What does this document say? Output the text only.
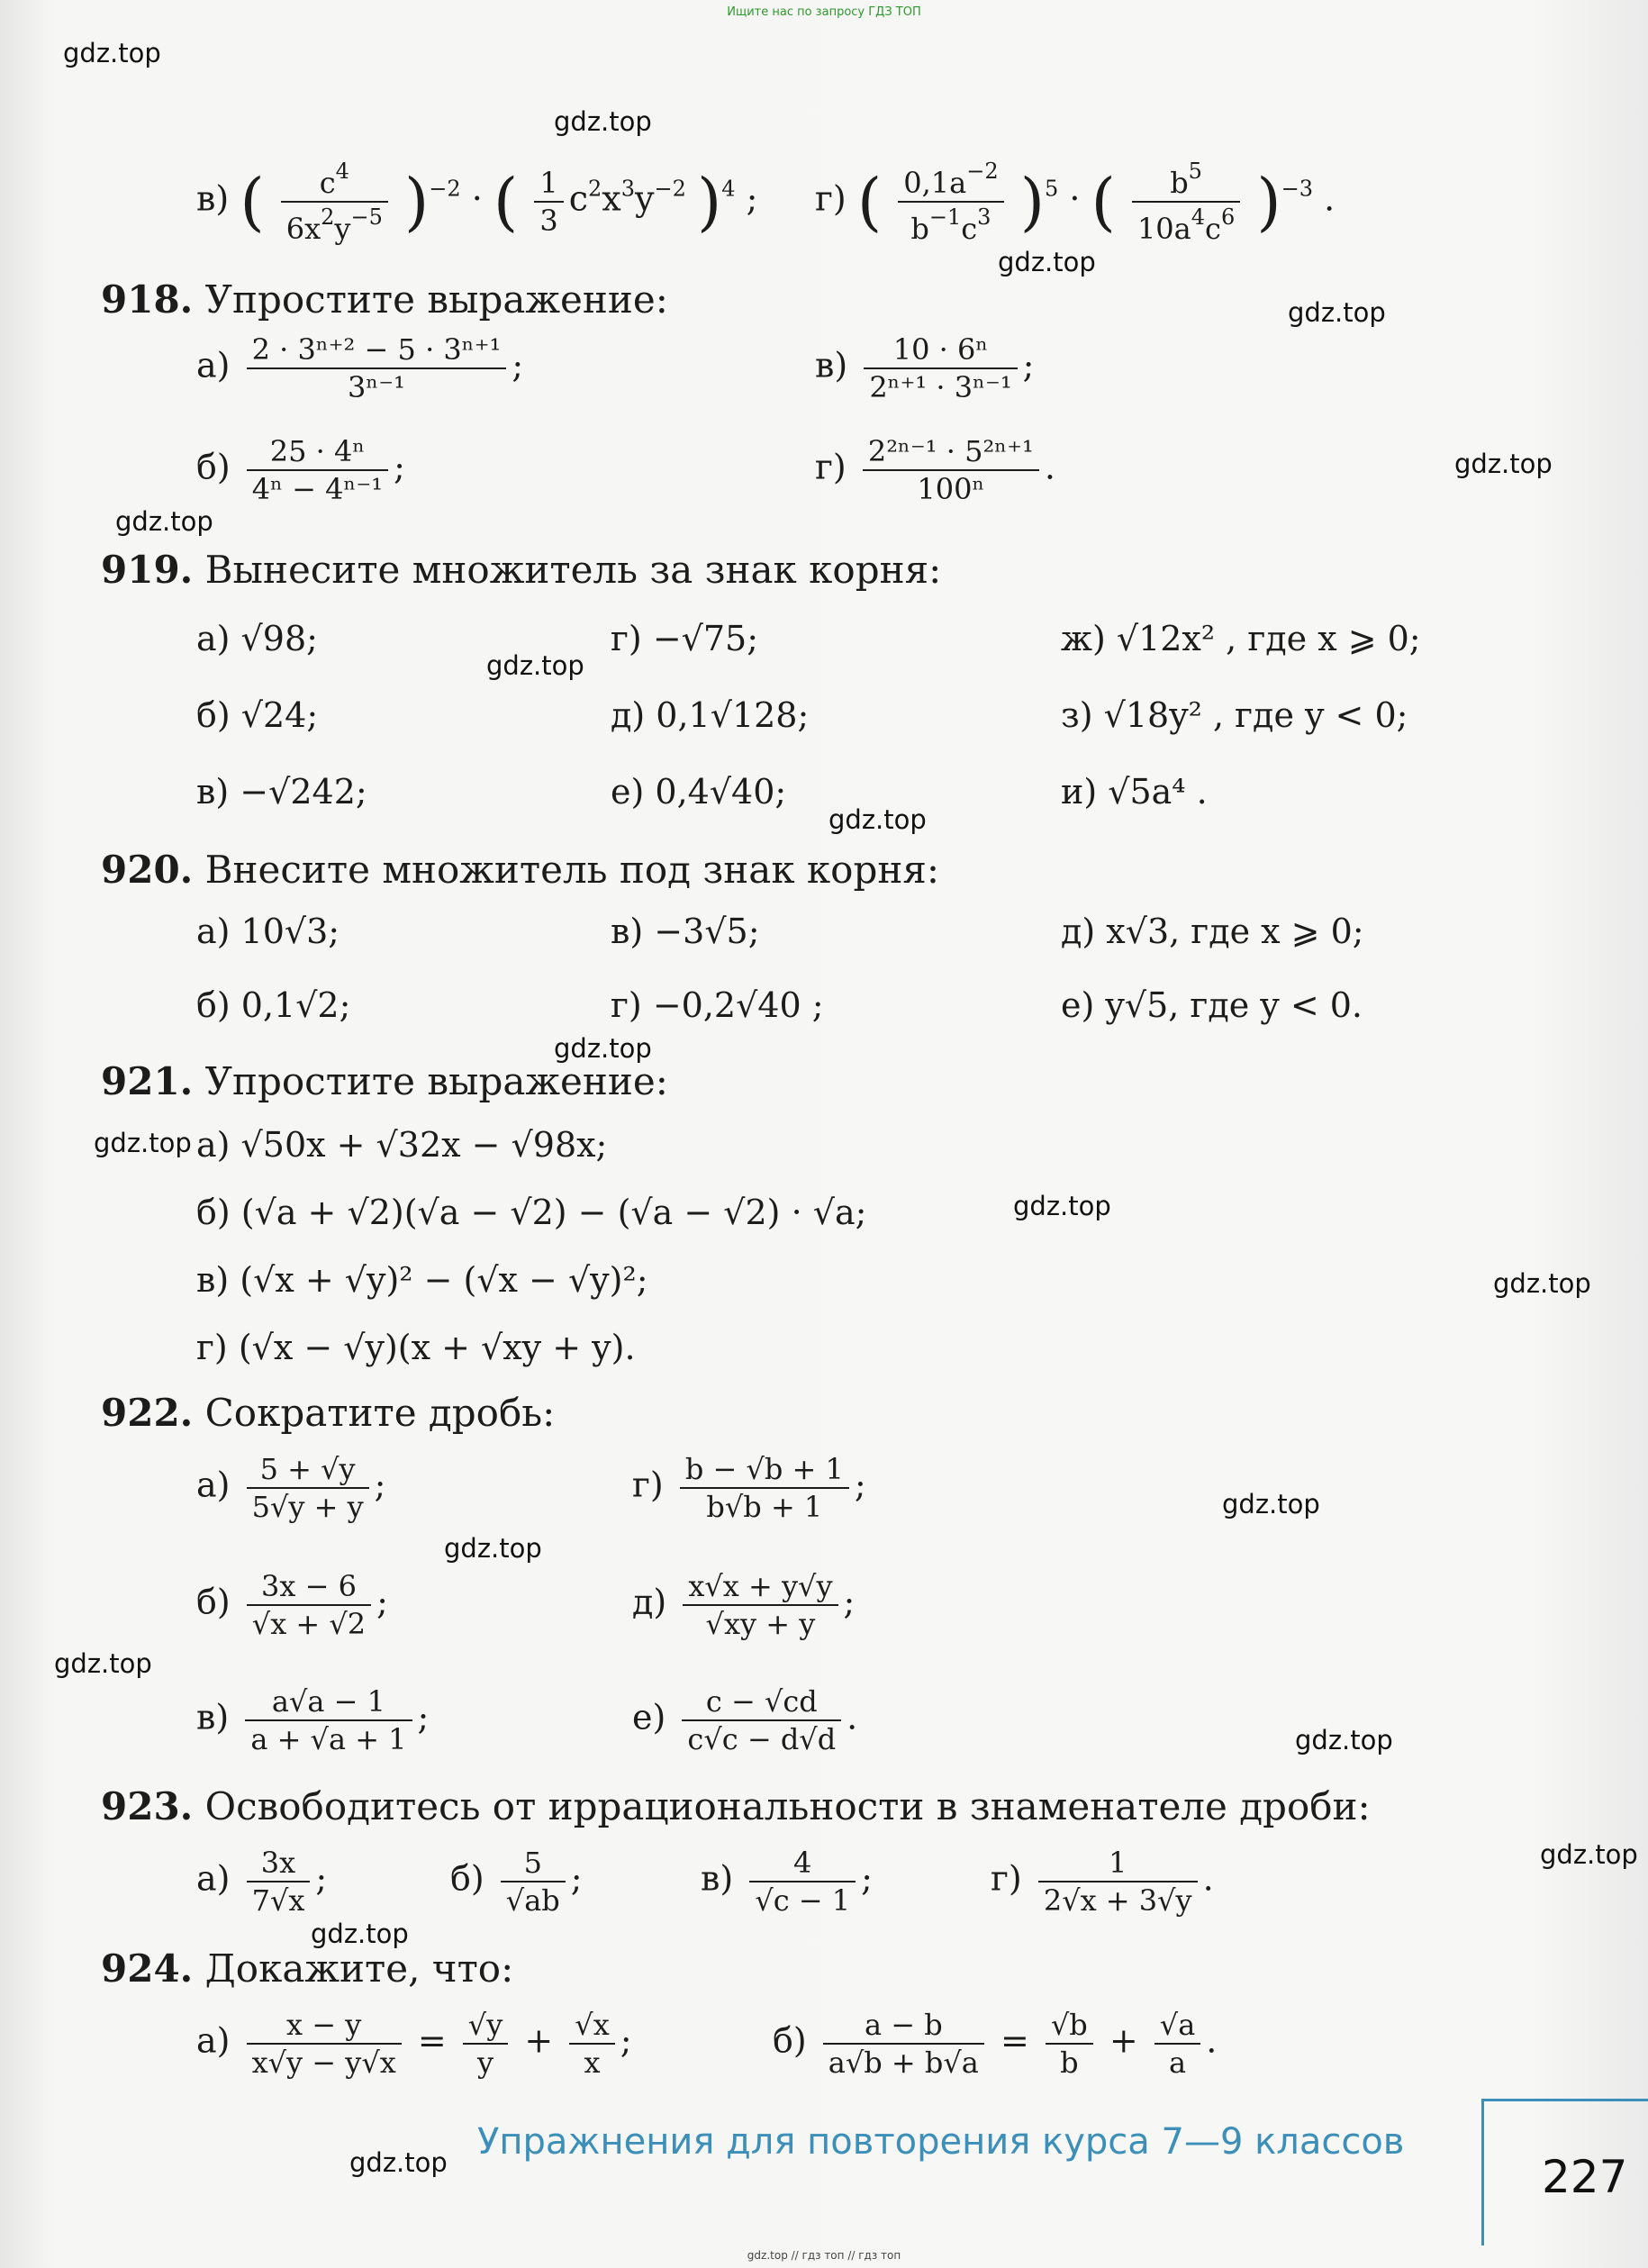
Ищите нас по запросу ГДЗ ТОП
gdz.top
gdz.top
gdz.top
gdz.top
gdz.top
gdz.top
gdz.top
gdz.top
gdz.top
gdz.top
gdz.top
gdz.top
gdz.top
gdz.top
gdz.top
gdz.top
gdz.top
gdz.top
gdz.top
в) ( $\frac{c^4}{6x^2y^{-5}} )^{-2}$ · ( $\frac{1}{3} c^2x^3y^{-2}$ )$^4$ ; г) ( $\frac{0,1a^{-2}}{b^{-1}c^3} )^5$ · ( $\frac{b^5}{10a^4c^6} )^{-3}$ .
918. Упростите выражение:
$а) \frac{\text{2 · 3ⁿ⁺² − 5 · 3ⁿ⁺¹}}{\text{3ⁿ⁻¹}}$ ;	$в) \frac{\text{10 · 6ⁿ}}{\text{2ⁿ⁺¹ · 3ⁿ⁻¹}}$ ;
$б) \frac{\text{25 · 4ⁿ}}{\text{4ⁿ − 4ⁿ⁻¹}}$ ;	$г) \frac{\text{2²ⁿ⁻¹ · 5²ⁿ⁺¹}}{\text{100ⁿ}}$ .
919. Вынесите множитель за знак корня:
а) √98;	г) −√75;	ж) √12x² , где x ⩾ 0;
б) √24;	д) 0,1√128;	з) √18y² , где y < 0;
в) −√242;	е) 0,4√40;	и) √5a⁴ .
920. Внесите множитель под знак корня:
а) 10√3;	в) −3√5;	д) x√3, где x ⩾ 0;
б) 0,1√2;	г) −0,2√40 ;	е) y√5, где y < 0.
921. Упростите выражение:
а) √50x + √32x − √98x;
б) (√a + √2)(√a − √2) − (√a − √2) · √a;
в) (√x + √y)² − (√x − √y)²;
г) (√x − √y)(x + √xy + y).
922. Сократите дробь:
$а) \frac{5 + √y}{5√y + y}$ ;	$г) \frac{b - √b + 1}{b√b + 1}$ ;
$б) \frac{3x - 6}{√x + √2}$ ;	$д) \frac{x√x + y√y}{√xy + y}$ ;
$в) \frac{a√a - 1}{a + √a + 1}$ ;	$е) \frac{c - √cd}{c√c - d√d}$ .
923. Освободитесь от иррациональности в знаменателе дроби:
$а) \frac{3x}{7√x}$ ;	$б) \frac{5}{√ab}$ ;	$в) \frac{4}{√c - 1}$ ;	$г) \frac{1}{2√x + 3√y}$ .
924. Докажите, что:
$а) \frac{x - y}{x√y - y√x} = \frac{√y}{y} + \frac{√x}{x}$ ;	$б) \frac{a - b}{a√b + b√a} = \frac{√b}{b} + \frac{√a}{a}$ .
Упражнения для повторения курса 7—9 классов
227
gdz.top // гдз топ // гдз топ
